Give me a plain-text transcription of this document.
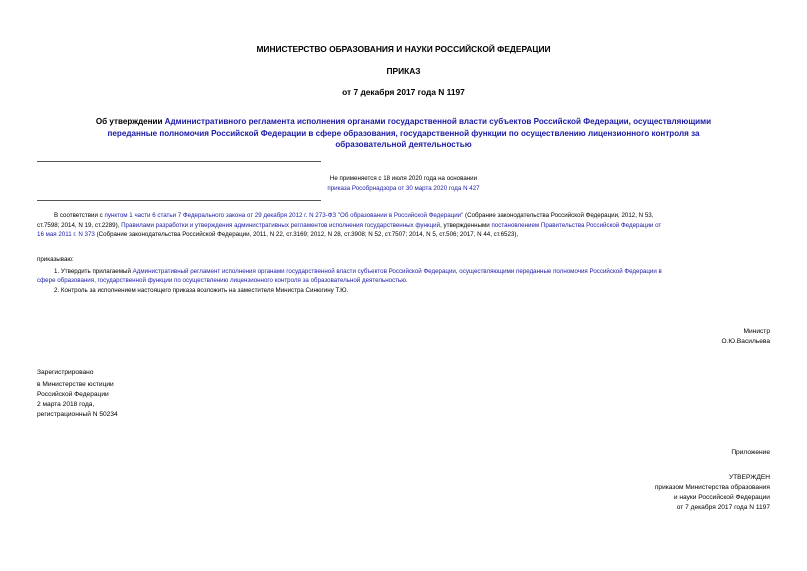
МИНИСТЕРСТВО ОБРАЗОВАНИЯ И НАУКИ РОССИЙСКОЙ ФЕДЕРАЦИИ
ПРИКАЗ
от 7 декабря 2017 года N 1197
Об утверждении Административного регламента исполнения органами государственной власти субъектов Российской Федерации, осуществляющими
переданные полномочия Российской Федерации в сфере образования, государственной функции по осуществлению лицензионного контроля за
образовательной деятельностью
Не применяется с 18 июля 2020 года на основании
приказа Рособрнадзора от 30 марта 2020 года N 427
В соответствии с пунктом 1 части 6 статьи 7 Федерального закона от 29 декабря 2012 г. N 273-ФЗ "Об образовании в Российской Федерации" (Собрание законодательства Российской Федерации, 2012, N 53,
ст.7598; 2014, N 19, ст.2289), Правилами разработки и утверждения административных регламентов исполнения государственных функций, утвержденными постановлением Правительства Российской Федерации от
16 мая 2011 г. N 373 (Собрание законодательства Российской Федерации, 2011, N 22, ст.3169; 2012, N 28, ст.3908; N 52, ст.7507; 2014, N 5, ст.506; 2017, N 44, ст.6523),
приказываю:
1. Утвердить прилагаемый Административный регламент исполнения органами государственной власти субъектов Российской Федерации, осуществляющими переданные полномочия Российской Федерации в
сфере образования, государственной функции по осуществлению лицензионного контроля за образовательной деятельностью.
2. Контроль за исполнением настоящего приказа возложить на заместителя Министра Синюгину Т.Ю.
Министр
О.Ю.Васильева
Зарегистрировано
в Министерстве юстиции
Российской Федерации
2 марта 2018 года,
регистрационный N 50234
Приложение
УТВЕРЖДЕН
приказом Министерства образования
и науки Российской Федерации
от 7 декабря 2017 года N 1197
